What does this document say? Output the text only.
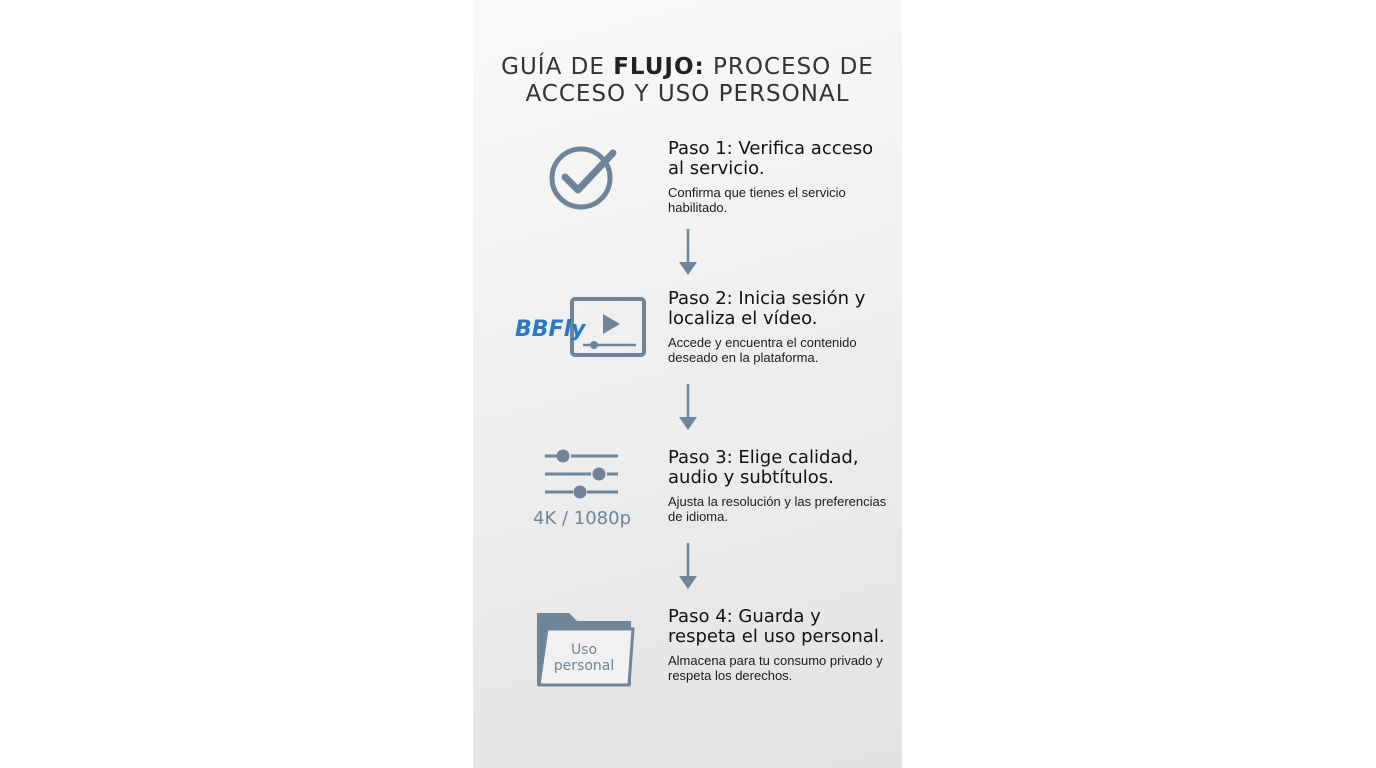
GUÍA DE FLUJO: PROCESO DE
ACCESO Y USO PERSONAL
Paso 1: Verifica acceso al servicio.
Confirma que tienes el servicio habilitado.
BBFly
Paso 2: Inicia sesión y localiza el vídeo.
Accede y encuentra el contenido deseado en la plataforma.
4K / 1080p
Paso 3: Elige calidad, audio y subtítulos.
Ajusta la resolución y las preferencias de idioma.
Uso
personal
Paso 4: Guarda y respeta el uso personal.
Almacena para tu consumo privado y respeta los derechos.
